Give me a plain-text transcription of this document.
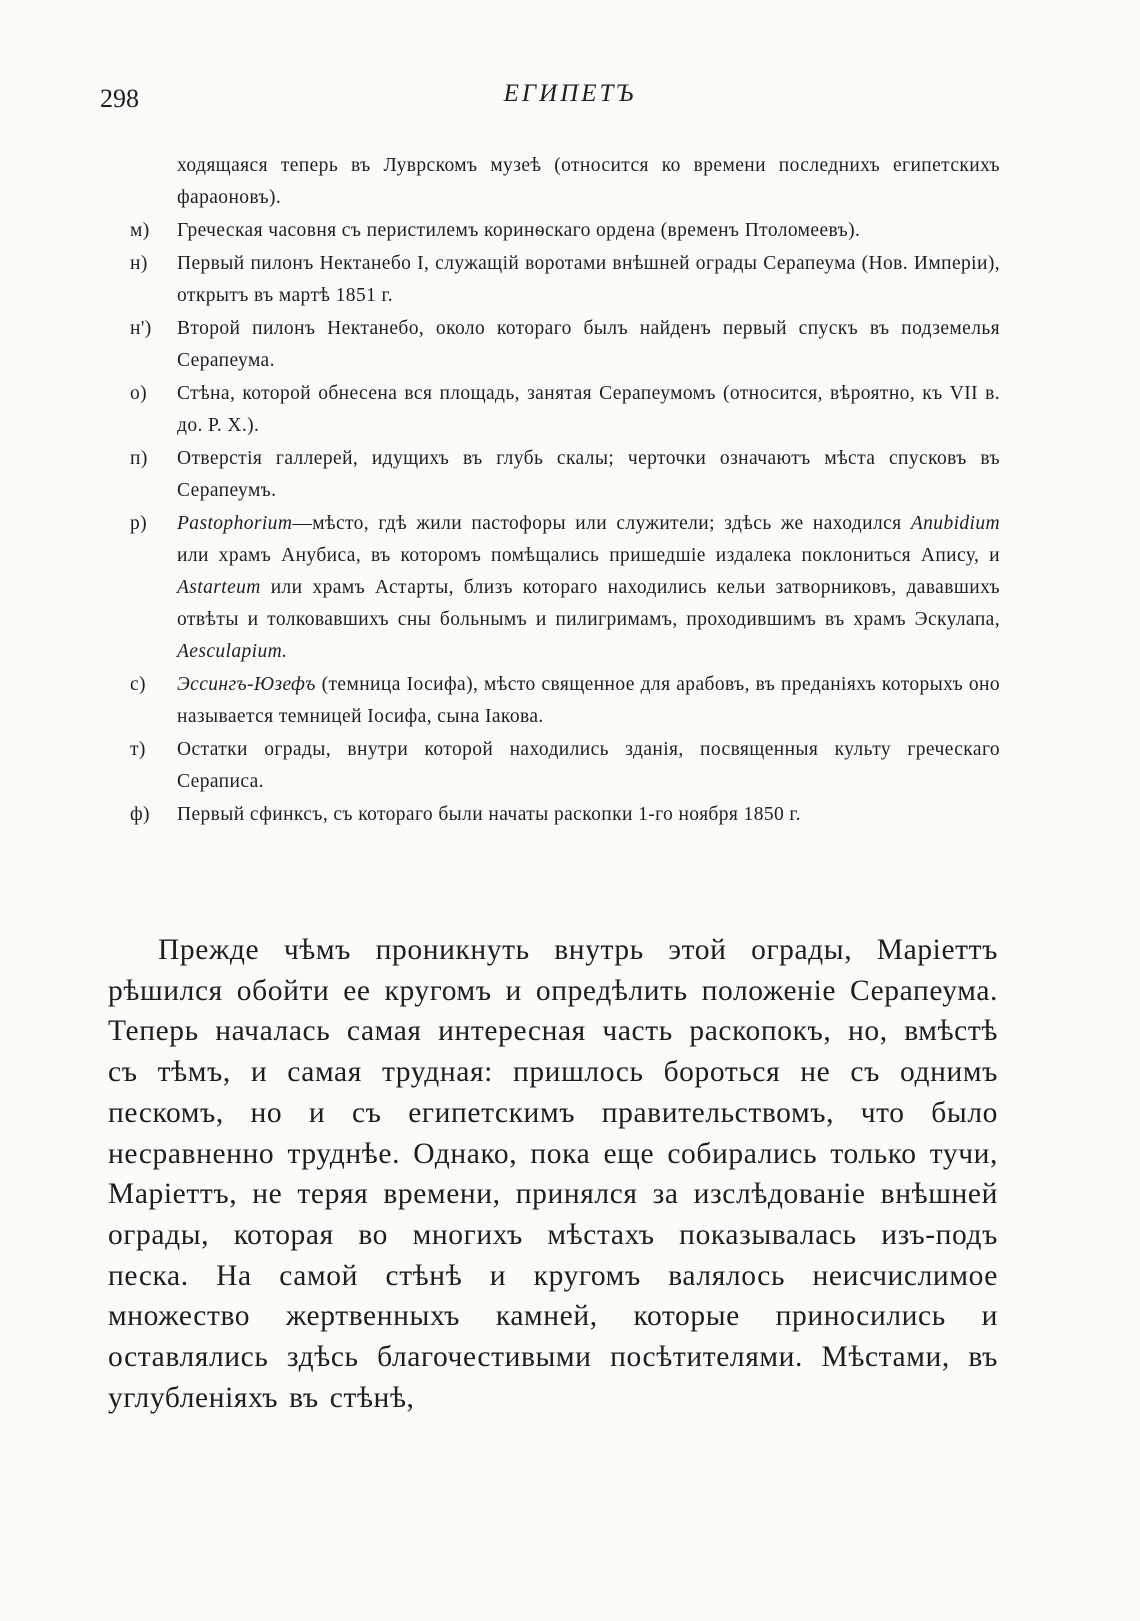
298	ЕГИПЕТЪ
ходящаяся теперь въ Луврскомъ музеѣ (относится ко времени последнихъ египетскихъ фараоновъ).
м)	Греческая часовня съ перистилемъ коринѳскаго ордена (временъ Птоломеевъ).
н)	Первый пилонъ Нектанебо I, служащій воротами внѣшней ограды Серапеума (Нов. Имперіи), открытъ въ мартѣ 1851 г.
н')	Второй пилонъ Нектанебо, около котораго былъ найденъ первый спускъ въ подземелья Серапеума.
о)	Стѣна, которой обнесена вся площадь, занятая Серапеумомъ (относится, вѣроятно, къ VII в. до. Р. X.).
п)	Отверстія галлерей, идущихъ въ глубь скалы; черточки означаютъ мѣста спусковъ въ Серапеумъ.
р)	Pastophorium—мѣсто, гдѣ жили пастофоры или служители; здѣсь же находился Anubidium или храмъ Анубиса, въ которомъ помѣщались пришедшіе издалека поклониться Апису, и Astarteum или храмъ Астарты, близъ котораго находились кельи затворниковъ, дававшихъ отвѣты и толковавшихъ сны больнымъ и пилигримамъ, проходившимъ въ храмъ Эскулапа, Aesculapium.
с)	Эссингъ-Юзефъ (темница Іосифа), мѣсто священное для арабовъ, въ преданіяхъ которыхъ оно называется темницей Іосифа, сына Іакова.
т)	Остатки ограды, внутри которой находились зданія, посвященныя культу греческаго Сераписа.
ф)	Первый сфинксъ, съ котораго были начаты раскопки 1-го ноября 1850 г.

Прежде чѣмъ проникнуть внутрь этой ограды, Маріеттъ рѣшился обойти ее кругомъ и опредѣлить положеніе Серапеума. Теперь началась самая интересная часть раскопокъ, но, вмѣстѣ съ тѣмъ, и самая трудная: пришлось бороться не съ однимъ пескомъ, но и съ египетскимъ правительствомъ, что было несравненно труднѣе. Однако, пока еще собирались только тучи, Маріеттъ, не теряя времени, принялся за изслѣдованіе внѣшней ограды, которая во многихъ мѣстахъ показывалась изъ-подъ песка. На самой стѣнѣ и кругомъ валялось неисчислимое множество жертвенныхъ камней, которые приносились и оставлялись здѣсь благочестивыми посѣтителями. Мѣстами, въ углубленіяхъ въ стѣнѣ,
